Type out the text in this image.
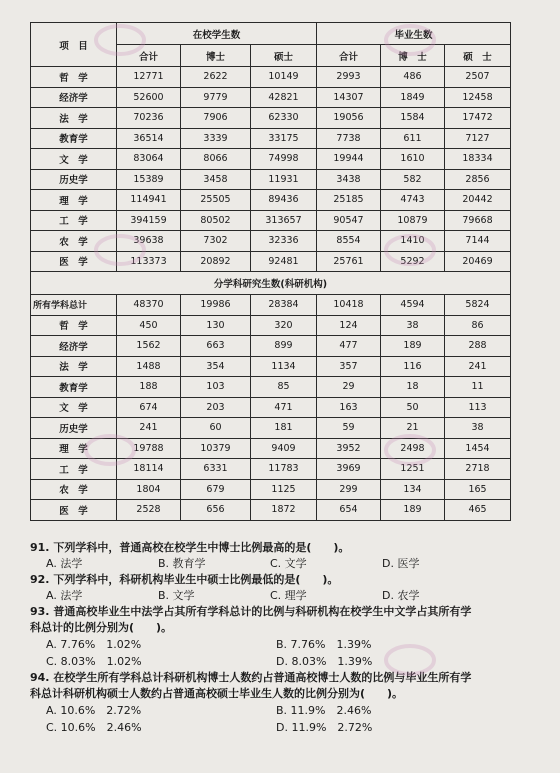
项　目	在校学生数			毕业生数		
	合计	博士	硕士	合计	博　士	硕　士
哲　学	12771	2622	10149	2993	486	2507
经济学	52600	9779	42821	14307	1849	12458
法　学	70236	7906	62330	19056	1584	17472
教育学	36514	3339	33175	7738	611	7127
文　学	83064	8066	74998	19944	1610	18334
历史学	15389	3458	11931	3438	582	2856
理　学	114941	25505	89436	25185	4743	20442
工　学	394159	80502	313657	90547	10879	79668
农　学	39638	7302	32336	8554	1410	7144
医　学	113373	20892	92481	25761	5292	20469
分学科研究生数(科研机构)						
所有学科总计	48370	19986	28384	10418	4594	5824
哲　学	450	130	320	124	38	86
经济学	1562	663	899	477	189	288
法　学	1488	354	1134	357	116	241
教育学	188	103	85	29	18	11
文　学	674	203	471	163	50	113
历史学	241	60	181	59	21	38
理　学	19788	10379	9409	3952	2498	1454
工　学	18114	6331	11783	3969	1251	2718
农　学	1804	679	1125	299	134	165
医　学	2528	656	1872	654	189	465

91. 下列学科中，普通高校在校学生中博士比例最高的是(　　)。

A. 法学	B. 教育学	C. 文学	D. 医学

92. 下列学科中，科研机构毕业生中硕士比例最低的是(　　)。

A. 法学	B. 文学	C. 理学	D. 农学

93. 普通高校毕业生中法学占其所有学科总计的比例与科研机构在校学生中文学占其所有学

科总计的比例分别为(　　)。

A. 7.76%　1.02%	B. 7.76%　1.39%
C. 8.03%　1.02%	D. 8.03%　1.39%

94. 在校学生所有学科总计科研机构博士人数约占普通高校博士人数的比例与毕业生所有学

科总计科研机构硕士人数约占普通高校硕士毕业生人数的比例分别为(　　)。

A. 10.6%　2.72%	B. 11.9%　2.46%
C. 10.6%　2.46%	D. 11.9%　2.72%
